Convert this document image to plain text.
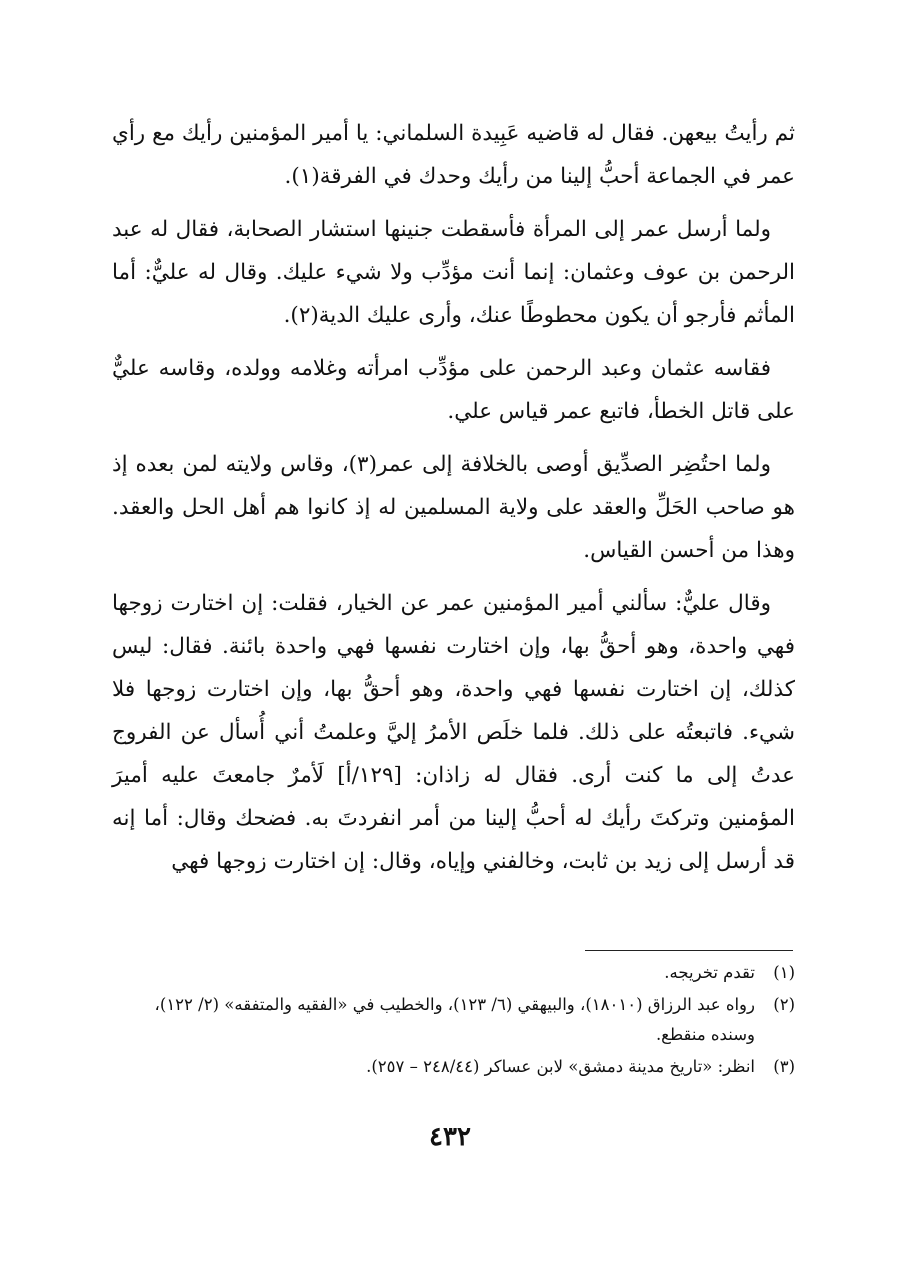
ثم رأيتُ بيعهن. فقال له قاضيه عَبِيدة السلماني: يا أمير المؤمنين رأيك مع رأي عمر في الجماعة أحبُّ إلينا من رأيك وحدك في الفرقة(١).

ولما أرسل عمر إلى المرأة فأسقطت جنينها استشار الصحابة، فقال له عبد الرحمن بن عوف وعثمان: إنما أنت مؤدِّب ولا شيء عليك. وقال له عليٌّ: أما المأثم فأرجو أن يكون محطوطًا عنك، وأرى عليك الدية(٢).

فقاسه عثمان وعبد الرحمن على مؤدِّب امرأته وغلامه وولده، وقاسه عليٌّ على قاتل الخطأ، فاتبع عمر قياس علي.

ولما احتُضِر الصدِّيق أوصى بالخلافة إلى عمر(٣)، وقاس ولايته لمن بعده إذ هو صاحب الحَلِّ والعقد على ولاية المسلمين له إذ كانوا هم أهل الحل والعقد. وهذا من أحسن القياس.

وقال عليٌّ: سألني أمير المؤمنين عمر عن الخيار، فقلت: إن اختارت زوجها فهي واحدة، وهو أحقُّ بها، وإن اختارت نفسها فهي واحدة بائنة. فقال: ليس كذلك، إن اختارت نفسها فهي واحدة، وهو أحقُّ بها، وإن اختارت زوجها فلا شيء. فاتبعتُه على ذلك. فلما خلَص الأمرُ إليَّ وعلمتُ أني أُسأل عن الفروج عدتُ إلى ما كنت أرى. فقال له زاذان: [١٢٩/أ] لَأمرٌ جامعتَ عليه أميرَ المؤمنين وتركتَ رأيك له أحبُّ إلينا من أمر انفردتَ به. فضحك وقال: أما إنه قد أرسل إلى زيد بن ثابت، وخالفني وإياه، وقال: إن اختارت زوجها فهي

(١)
تقدم تخريجه.
(٢)
رواه عبد الرزاق (١٨٠١٠)، والبيهقي (٦/ ١٢٣)، والخطيب في «الفقيه والمتفقه» (٢/ ١٢٢)، وسنده منقطع.
(٣)
انظر: «تاريخ مدينة دمشق» لابن عساكر (٢٤٨/٤٤ – ٢٥٧).
٤٣٢
